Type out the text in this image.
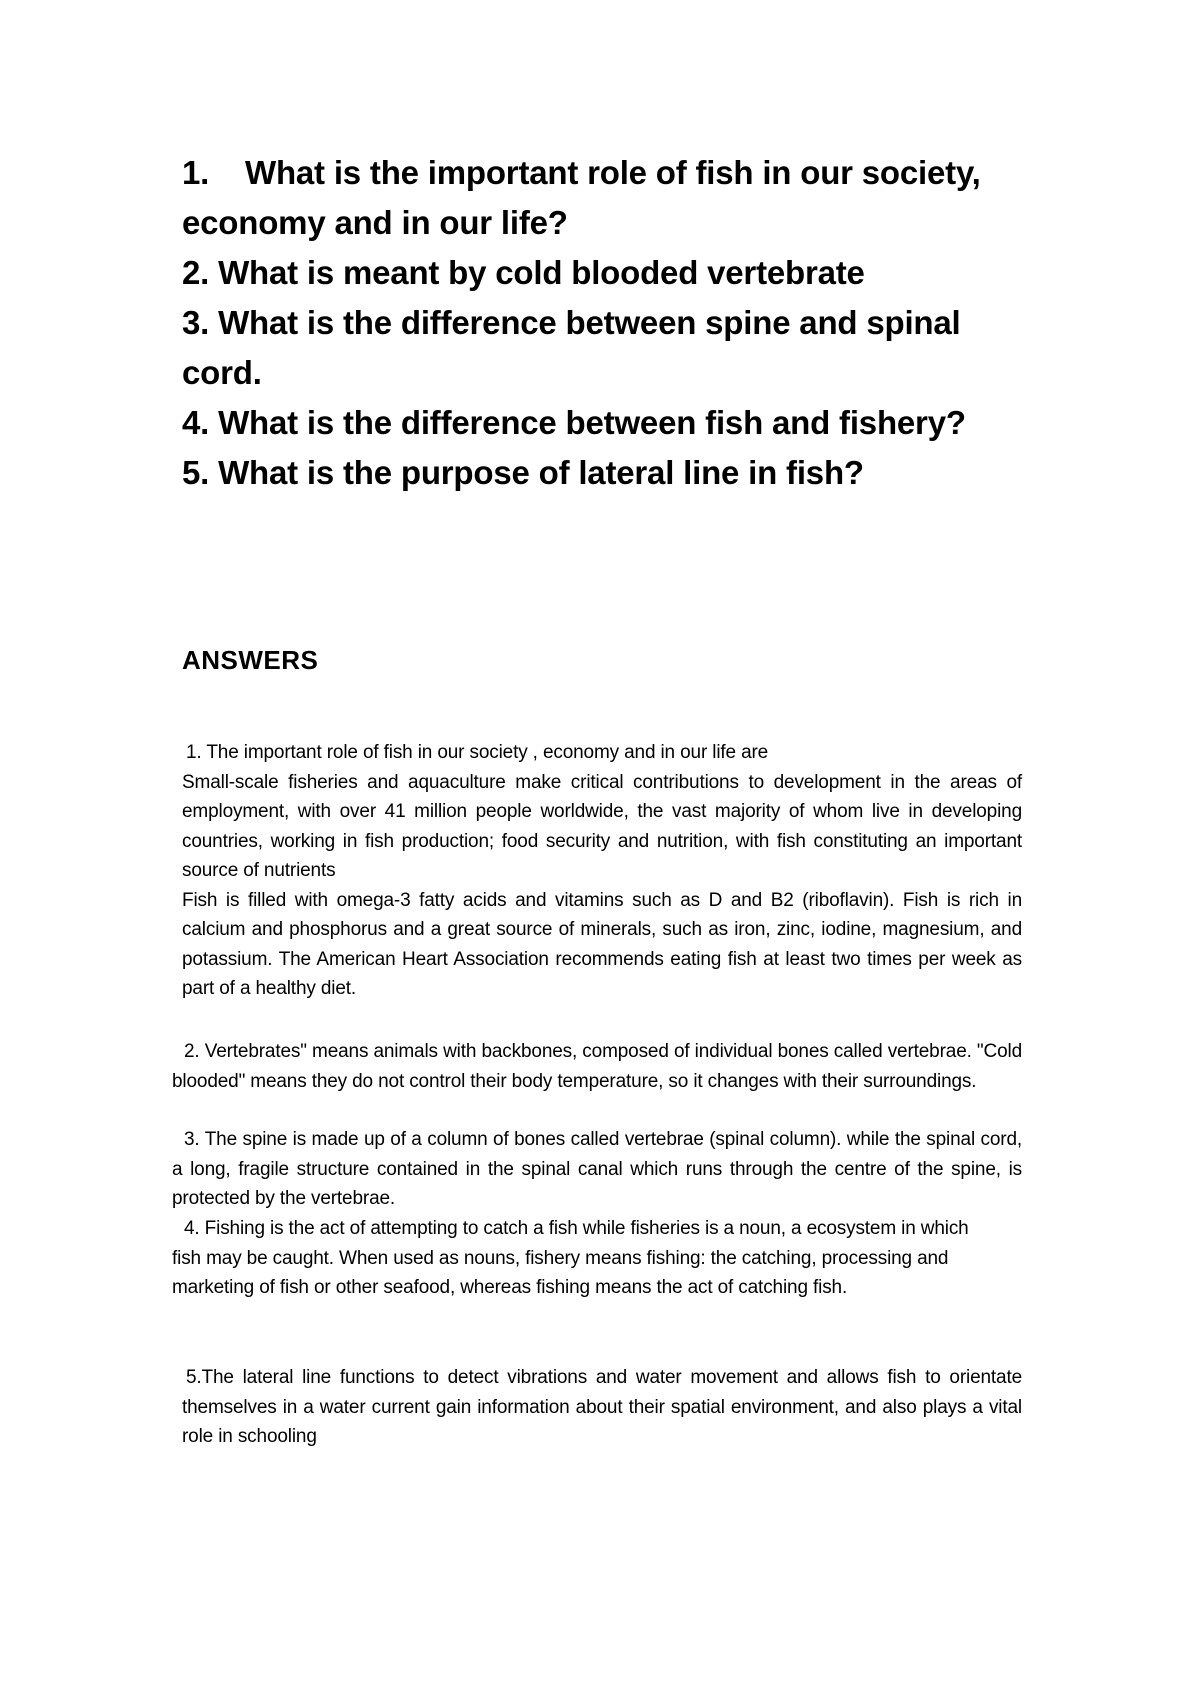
1. What is the important role of fish in our society, economy and in our life?

2. What is meant by cold blooded vertebrate

3. What is the difference between spine and spinal cord.

4. What is the difference between fish and fishery?

5. What is the purpose of lateral line in fish?

ANSWERS

1. The important role of fish in our society , economy and in our life are

Small-scale fisheries and aquaculture make critical contributions to development in the areas of employment, with over 41 million people worldwide, the vast majority of whom live in developing countries, working in fish production; food security and nutrition, with fish constituting an important source of nutrients

Fish is filled with omega-3 fatty acids and vitamins such as D and B2 (riboflavin). Fish is rich in calcium and phosphorus and a great source of minerals, such as iron, zinc, iodine, magnesium, and potassium. The American Heart Association recommends eating fish at least two times per week as part of a healthy diet.

2. Vertebrates" means animals with backbones, composed of individual bones called vertebrae. "Cold blooded" means they do not control their body temperature, so it changes with their surroundings.

3. The spine is made up of a column of bones called vertebrae (spinal column). while the spinal cord, a long, fragile structure contained in the spinal canal which runs through the centre of the spine, is protected by the vertebrae.

4. Fishing is the act of attempting to catch a fish while fisheries is a noun, a ecosystem in which fish may be caught. When used as nouns, fishery means fishing: the catching, processing and marketing of fish or other seafood, whereas fishing means the act of catching fish.

5.The lateral line functions to detect vibrations and water movement and allows fish to orientate themselves in a water current gain information about their spatial environment, and also plays a vital role in schooling
